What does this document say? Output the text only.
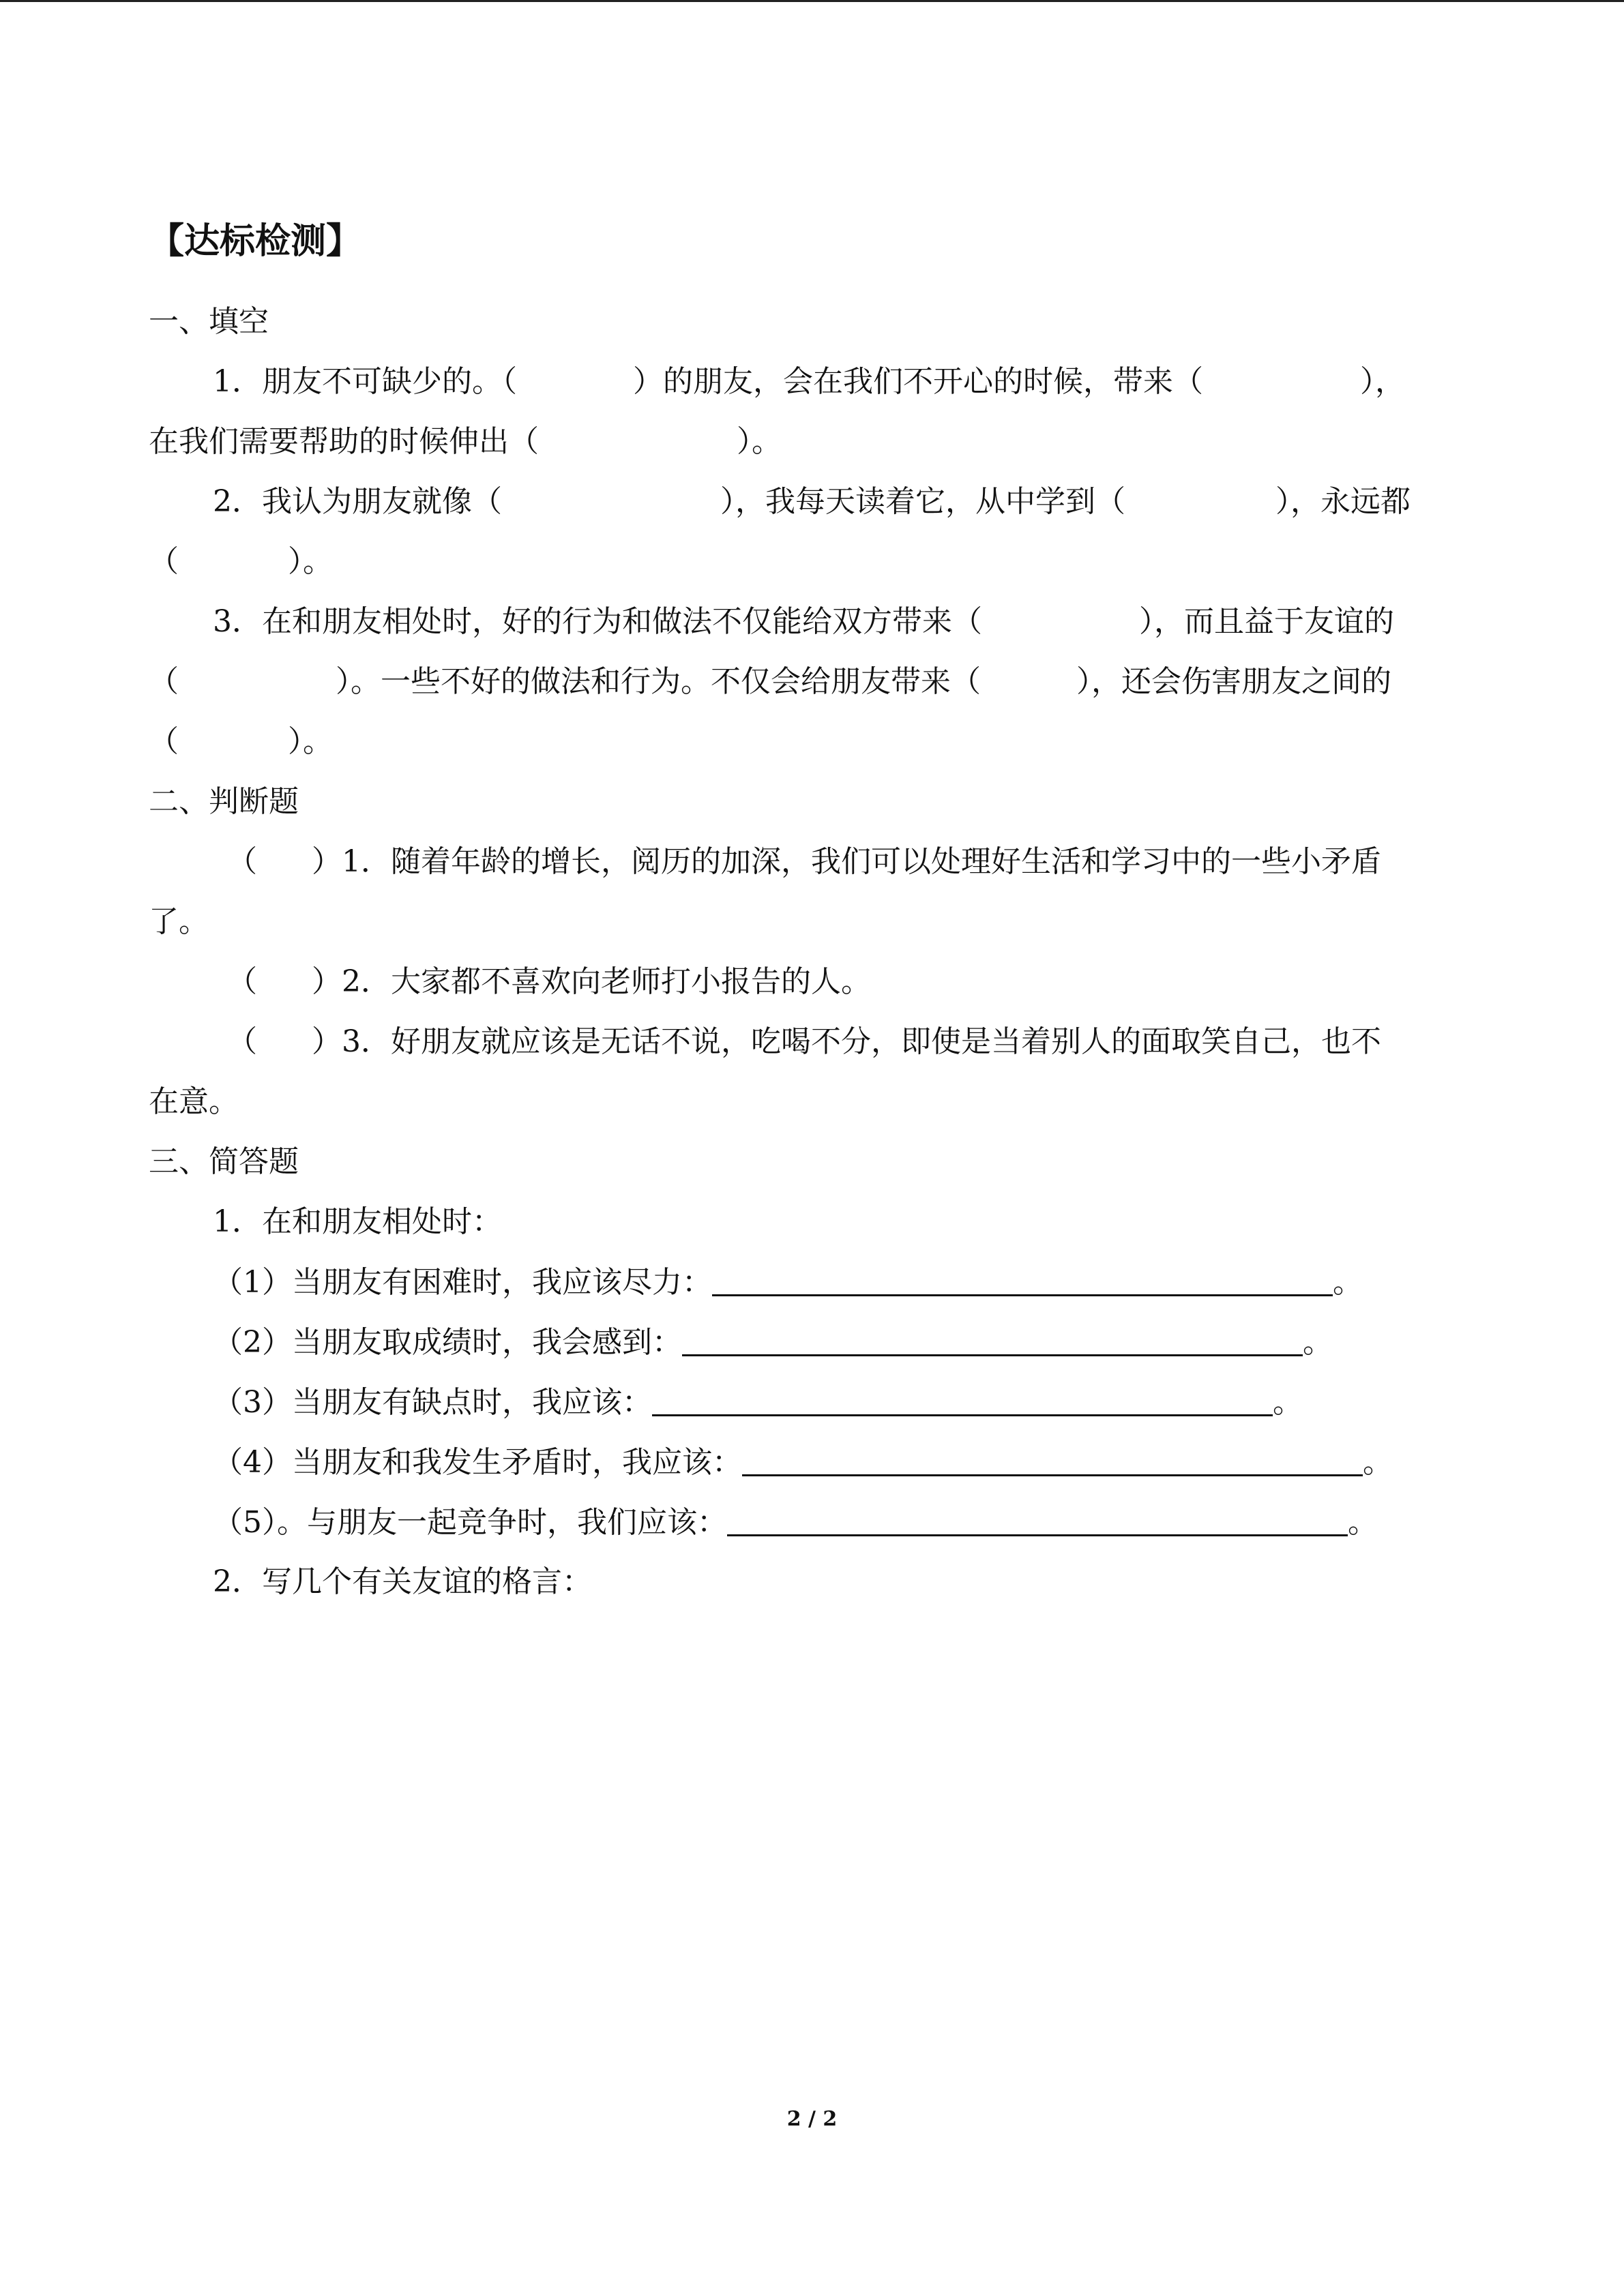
【达标检测】
一、填空
1．朋友不可缺少的。（	）的朋友，会在我们不开心的时候，带来（	），
在我们需要帮助的时候伸出（	）。
2．我认为朋友就像（	），我每天读着它，从中学到（	），永远都
（	）。
3．在和朋友相处时，好的行为和做法不仅能给双方带来（	），而且益于友谊的
（	）。一些不好的做法和行为。不仅会给朋友带来（	），还会伤害朋友之间的
（	）。
二、判断题
（ ）1．随着年龄的增长，阅历的加深，我们可以处理好生活和学习中的一些小矛盾
了。
（ ）2．大家都不喜欢向老师打小报告的人。
（ ）3．好朋友就应该是无话不说，吃喝不分，即使是当着别人的面取笑自己，也不
在意。
三、简答题
1．在和朋友相处时：
（1）当朋友有困难时，我应该尽力：	。
（2）当朋友取成绩时，我会感到：	。
（3）当朋友有缺点时，我应该：	。
（4）当朋友和我发生矛盾时，我应该：	。
（5）。与朋友一起竞争时，我们应该：	。
2．写几个有关友谊的格言：
2 / 2
